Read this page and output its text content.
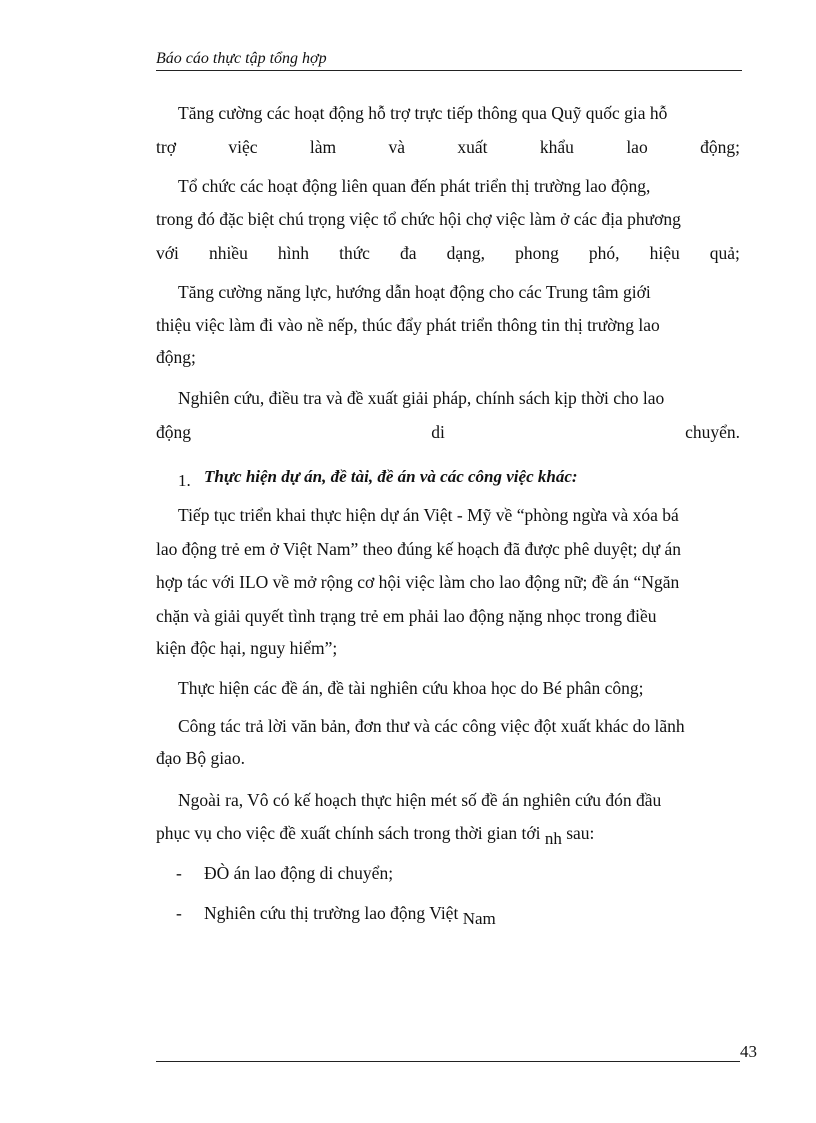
Báo cáo thực tập tổng hợp
Tăng cường các hoạt động hỗ trợ trực tiếp thông qua Quỹ quốc gia hỗ
trợ	việc	làm	và	xuất	khẩu	lao	động;
Tổ chức các hoạt động liên quan đến phát triển thị trường lao động,
trong đó đặc biệt chú trọng việc tổ chức hội chợ việc làm ở các địa phương
với nhiều hình thức đa dạng, phong phó, hiệu quả;
Tăng cường năng lực, hướng dẫn hoạt động cho các Trung tâm giới
thiệu việc làm đi vào nề nếp, thúc đẩy phát triển thông tin thị trường lao
động;
Nghiên cứu, điều tra và đề xuất giải pháp, chính sách kịp thời cho lao
động	di	chuyển.
1. Thực hiện dự án, đề tài, đề án và các công việc khác:
Tiếp tục triển khai thực hiện dự án Việt - Mỹ về “phòng ngừa và xóa bá
lao động trẻ em ở Việt Nam” theo đúng kế hoạch đã được phê duyệt; dự án
hợp tác với ILO về mở rộng cơ hội việc làm cho lao động nữ; đề án “Ngăn
chặn và giải quyết tình trạng trẻ em phải lao động nặng nhọc trong điều
kiện độc hại, nguy hiểm”;
Thực hiện các đề án, đề tài nghiên cứu khoa học do Bé phân công;
Công tác trả lời văn bản, đơn thư và các công việc đột xuất khác do lãnh
đạo Bộ giao.
Ngoài ra, Vô có kế hoạch thực hiện mét số đề án nghiên cứu đón đầu
phục vụ cho việc đề xuất chính sách trong thời gian tới nh sau:
- ĐÒ án lao động di chuyển;
- Nghiên cứu thị trường lao động Việt Nam
43
